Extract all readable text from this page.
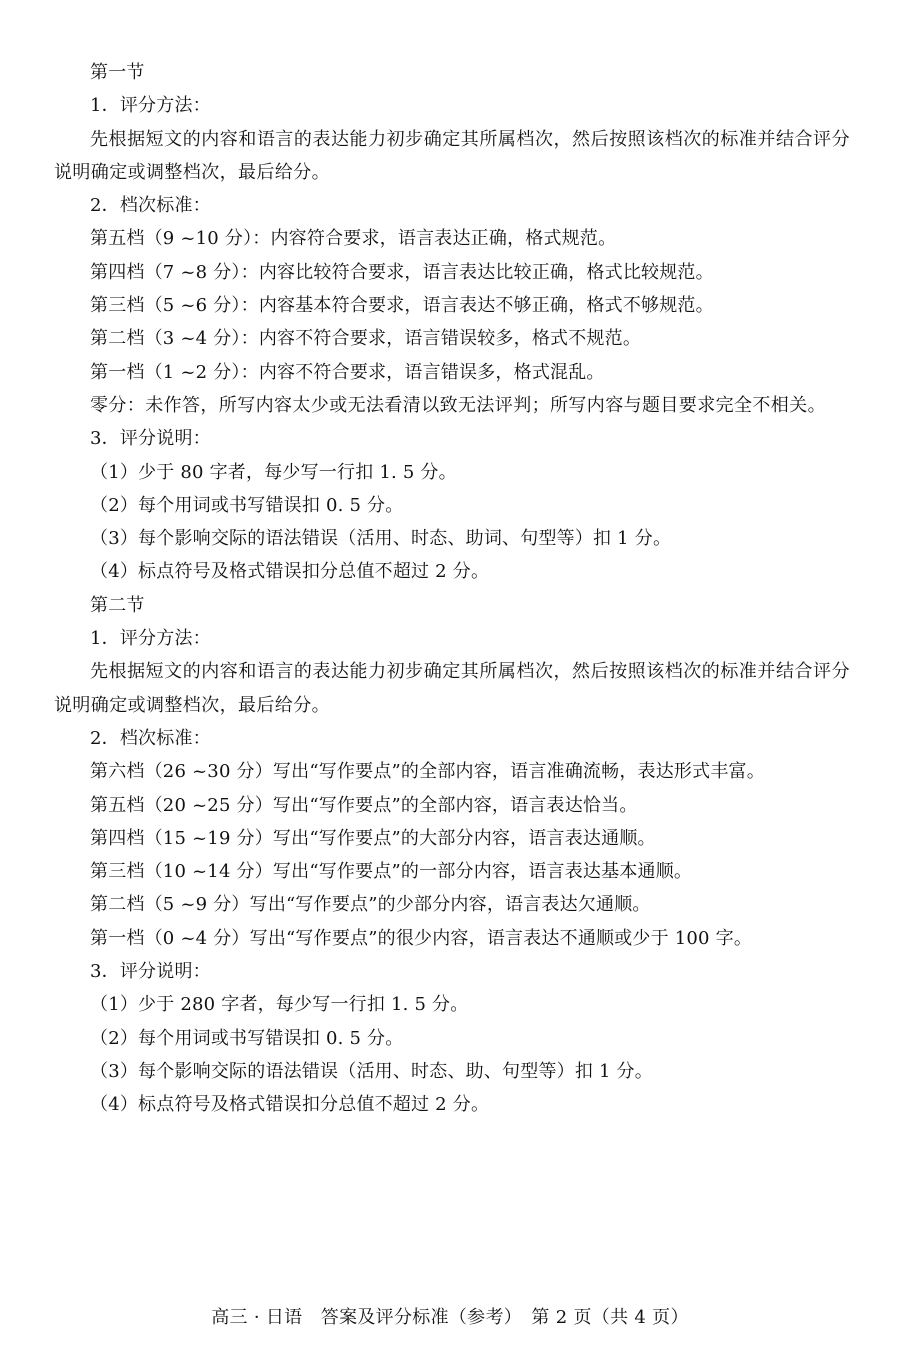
第一节
1．评分方法：
先根据短文的内容和语言的表达能力初步确定其所属档次，然后按照该档次的标准并结合评分说明确定或调整档次，最后给分。
2．档次标准：
第五档（9 ~10 分）：内容符合要求，语言表达正确，格式规范。
第四档（7 ~8 分）：内容比较符合要求，语言表达比较正确，格式比较规范。
第三档（5 ~6 分）：内容基本符合要求，语言表达不够正确，格式不够规范。
第二档（3 ~4 分）：内容不符合要求，语言错误较多，格式不规范。
第一档（1 ~2 分）：内容不符合要求，语言错误多，格式混乱。
零分：未作答，所写内容太少或无法看清以致无法评判；所写内容与题目要求完全不相关。
3．评分说明：
（1）少于 80 字者，每少写一行扣 1. 5 分。
（2）每个用词或书写错误扣 0. 5 分。
（3）每个影响交际的语法错误（活用、时态、助词、句型等）扣 1 分。
（4）标点符号及格式错误扣分总值不超过 2 分。
第二节
1．评分方法：
先根据短文的内容和语言的表达能力初步确定其所属档次，然后按照该档次的标准并结合评分说明确定或调整档次，最后给分。
2．档次标准：
第六档（26 ~30 分）写出“写作要点”的全部内容，语言准确流畅，表达形式丰富。
第五档（20 ~25 分）写出“写作要点”的全部内容，语言表达恰当。
第四档（15 ~19 分）写出“写作要点”的大部分内容，语言表达通顺。
第三档（10 ~14 分）写出“写作要点”的一部分内容，语言表达基本通顺。
第二档（5 ~9 分）写出“写作要点”的少部分内容，语言表达欠通顺。
第一档（0 ~4 分）写出“写作要点”的很少内容，语言表达不通顺或少于 100 字。
3．评分说明：
（1）少于 280 字者，每少写一行扣 1. 5 分。
（2）每个用词或书写错误扣 0. 5 分。
（3）每个影响交际的语法错误（活用、时态、助、句型等）扣 1 分。
（4）标点符号及格式错误扣分总值不超过 2 分。
高三 · 日语　答案及评分标准（参考）　第 2 页（共 4 页）
